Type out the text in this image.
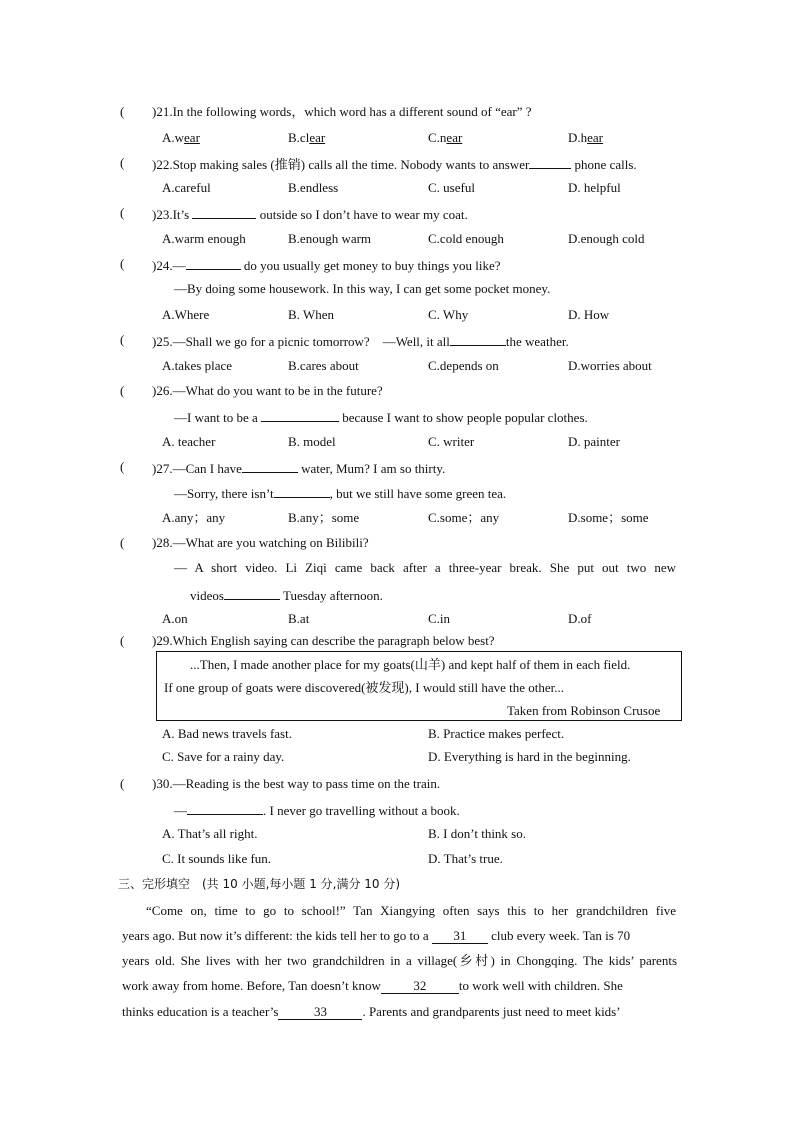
( )21.In the following words，which word has a different sound of “ear” ?
A.wear	B.clear	C.near	D.hear
( )22.Stop making sales (推销) calls all the time. Nobody wants to answer	phone calls.
A.careful	B.endless	C. useful	D. helpful
( )23.It’s	outside so I don’t have to wear my coat.
A.warm enough	B.enough warm	C.cold enough	D.enough cold
( )24.—	do you usually get money to buy things you like?
—By doing some housework. In this way, I can get some pocket money.
A.Where	B. When	C. Why	D. How
( )25.—Shall we go for a picnic tomorrow?　—Well, it all	the weather.
A.takes place	B.cares about	C.depends on	D.worries about
( )26.—What do you want to be in the future?
—I want to be a	because I want to show people popular clothes.
A. teacher	B. model	C. writer	D. painter
( )27.—Can I have	water, Mum? I am so thirty.
—Sorry, there isn’t	, but we still have some green tea.
A.any；any	B.any；some	C.some；any	D.some；some
( )28.—What are you watching on Bilibili?
— A short video. Li Ziqi came back after a three-year break. She put out two new
videos	Tuesday afternoon.
A.on	B.at	C.in	D.of
( )29.Which English saying can describe the paragraph below best?
...Then, I made another place for my goats(山羊) and kept half of them in each field.
If one group of goats were discovered(被发现), I would still have the other...
Taken from Robinson Crusoe
A. Bad news travels fast.	B. Practice makes perfect.
C. Save for a rainy day.	D. Everything is hard in the beginning.
( )30.—Reading is the best way to pass time on the train.
—	. I never go travelling without a book.
A. That’s all right.	B. I don’t think so.
C. It sounds like fun.	D. That’s true.
三、完形填空　(共 10 小题,每小题 1 分,满分 10 分)
“Come on, time to go to school!” Tan Xiangying often says this to her grandchildren five
years ago. But now it’s different: the kids tell her to go to a 31 club every week. Tan is 70
years old. She lives with her two grandchildren in a village(乡村) in Chongqing. The kids’ parents
work away from home. Before, Tan doesn’t know	32	to work well with children. She
thinks education is a teacher’s	33	. Parents and grandparents just need to meet kids’
